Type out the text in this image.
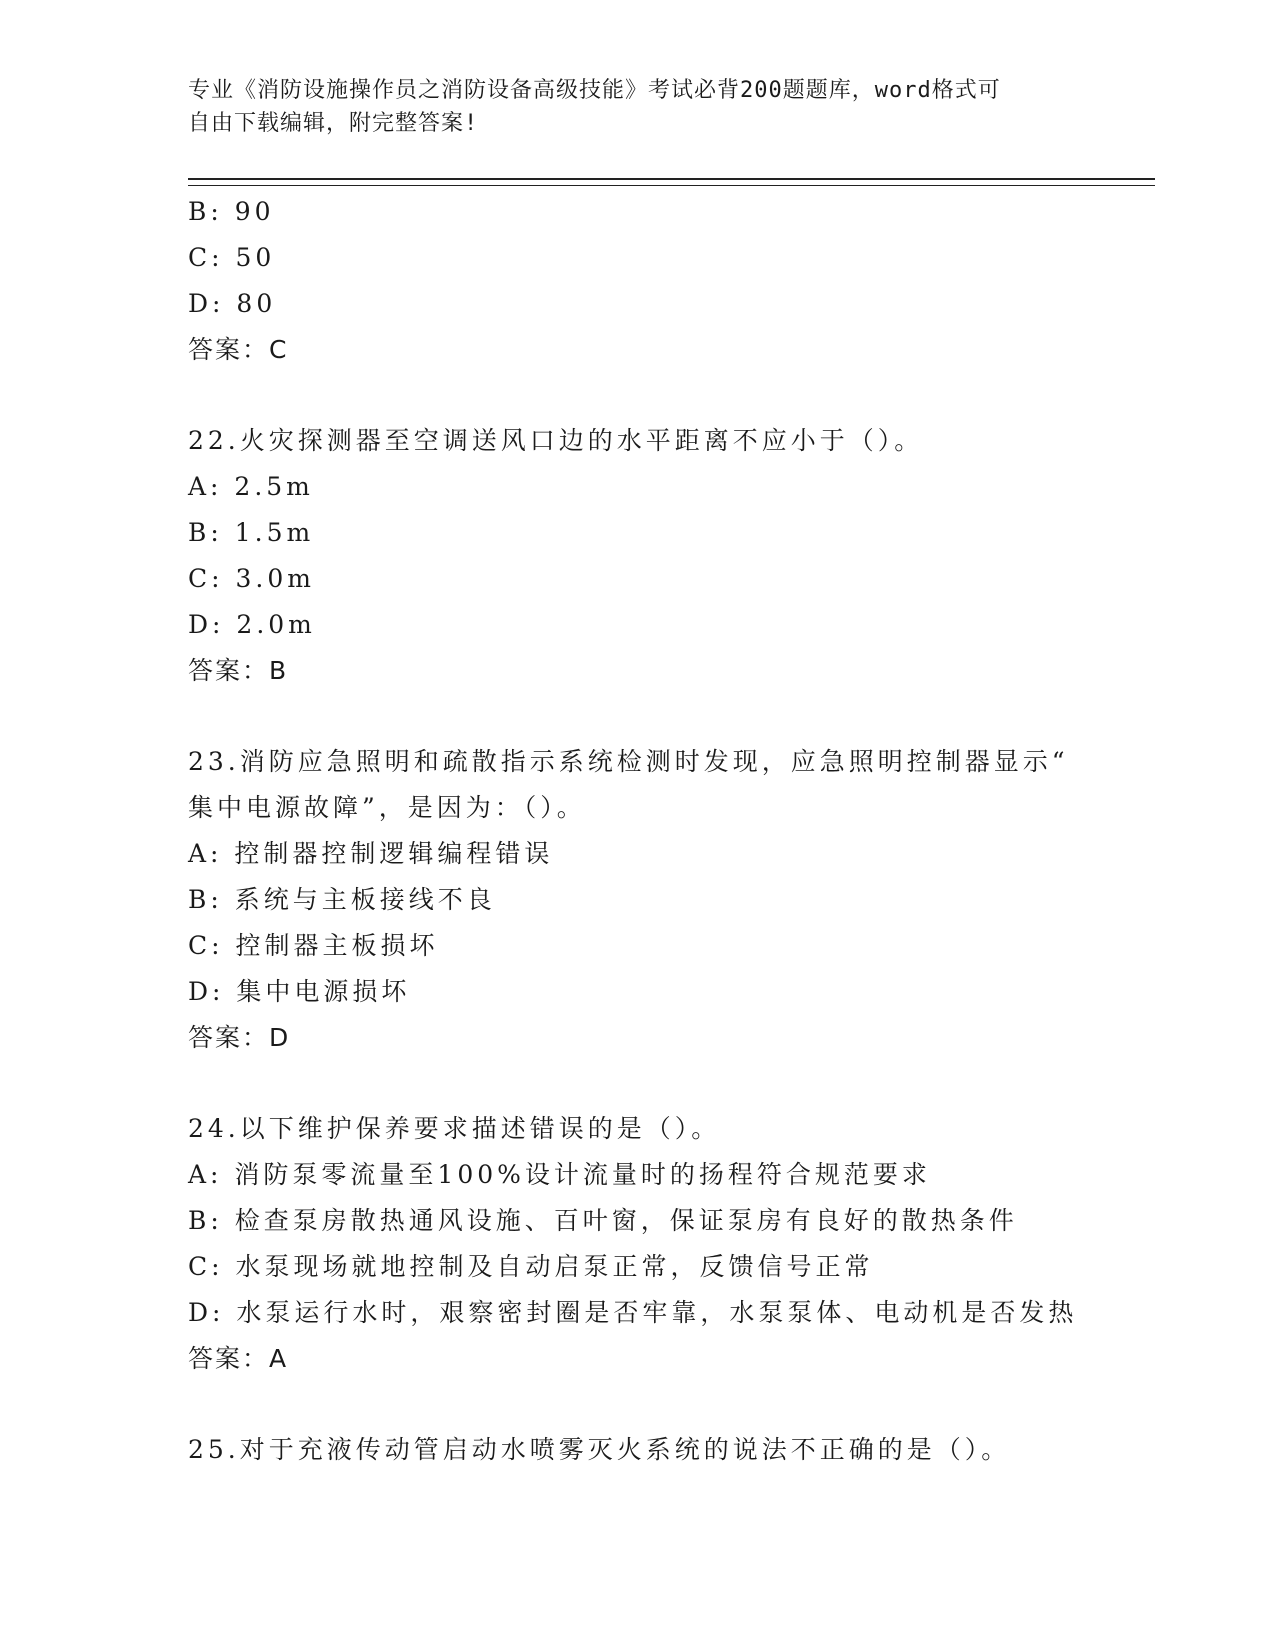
专业《消防设施操作员之消防设备高级技能》考试必背200题题库，word格式可
自由下载编辑，附完整答案!
B: 90
C: 50
D: 80
答案：C
22.火灾探测器至空调送风口边的水平距离不应小于（）。
A: 2.5m
B: 1.5m
C: 3.0m
D: 2.0m
答案：B
23.消防应急照明和疏散指示系统检测时发现，应急照明控制器显示“
集中电源故障”，是因为：（）。
A: 控制器控制逻辑编程错误
B: 系统与主板接线不良
C: 控制器主板损坏
D: 集中电源损坏
答案：D
24.以下维护保养要求描述错误的是（）。
A: 消防泵零流量至100%设计流量时的扬程符合规范要求
B: 检查泵房散热通风设施、百叶窗，保证泵房有良好的散热条件
C: 水泵现场就地控制及自动启泵正常，反馈信号正常
D: 水泵运行水时，艰察密封圈是否牢靠，水泵泵体、电动机是否发热
答案：A
25.对于充液传动管启动水喷雾灭火系统的说法不正确的是（）。
